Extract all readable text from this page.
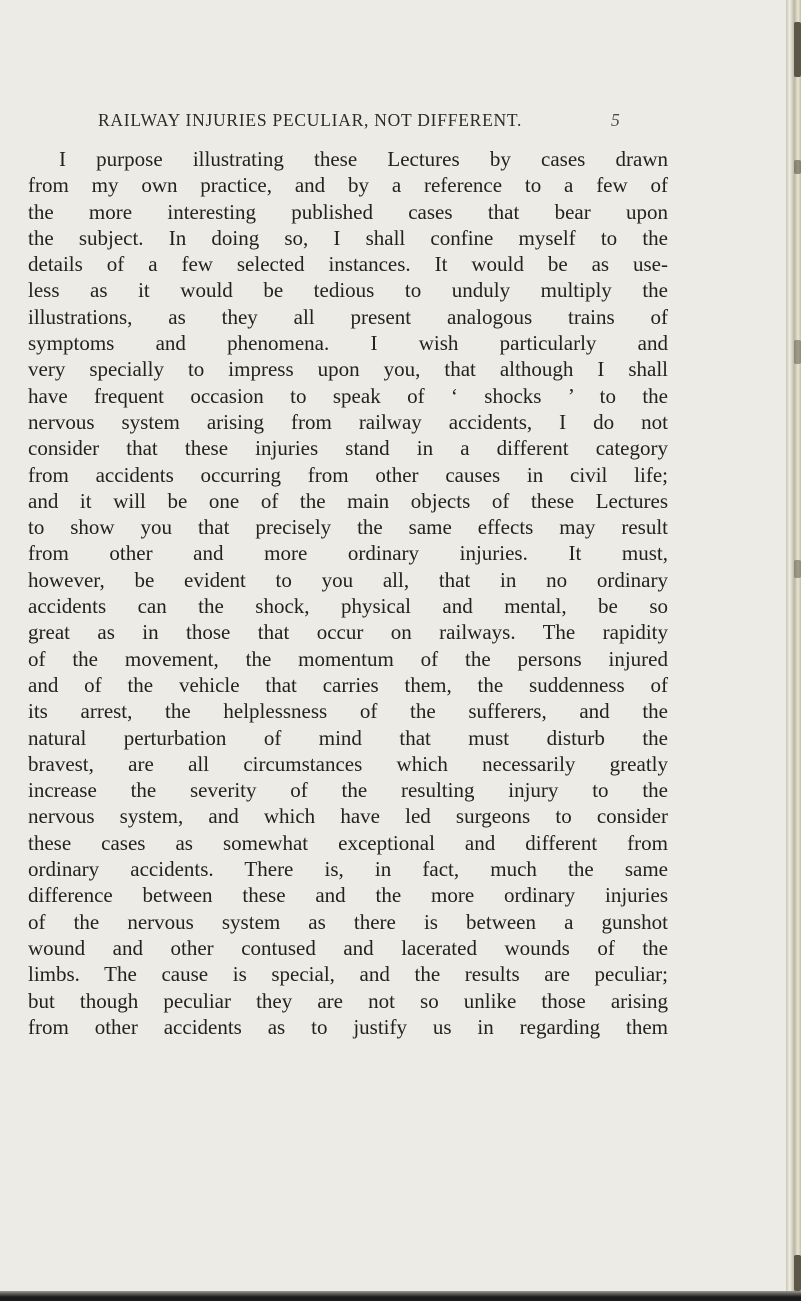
RAILWAY INJURIES PECULIAR, NOT DIFFERENT.	5
I purpose illustrating these Lectures by cases drawn
from my own practice, and by a reference to a few of
the more interesting published cases that bear upon
the subject. In doing so, I shall confine myself to the
details of a few selected instances. It would be as use-
less as it would be tedious to unduly multiply the
illustrations, as they all present analogous trains of
symptoms and phenomena. I wish particularly and
very specially to impress upon you, that although I shall
have frequent occasion to speak of ‘ shocks ’ to the
nervous system arising from railway accidents, I do not
consider that these injuries stand in a different category
from accidents occurring from other causes in civil life;
and it will be one of the main objects of these Lectures
to show you that precisely the same effects may result
from other and more ordinary injuries. It must,
however, be evident to you all, that in no ordinary
accidents can the shock, physical and mental, be so
great as in those that occur on railways. The rapidity
of the movement, the momentum of the persons injured
and of the vehicle that carries them, the suddenness of
its arrest, the helplessness of the sufferers, and the
natural perturbation of mind that must disturb the
bravest, are all circumstances which necessarily greatly
increase the severity of the resulting injury to the
nervous system, and which have led surgeons to consider
these cases as somewhat exceptional and different from
ordinary accidents. There is, in fact, much the same
difference between these and the more ordinary injuries
of the nervous system as there is between a gunshot
wound and other contused and lacerated wounds of the
limbs. The cause is special, and the results are peculiar;
but though peculiar they are not so unlike those arising
from other accidents as to justify us in regarding them
